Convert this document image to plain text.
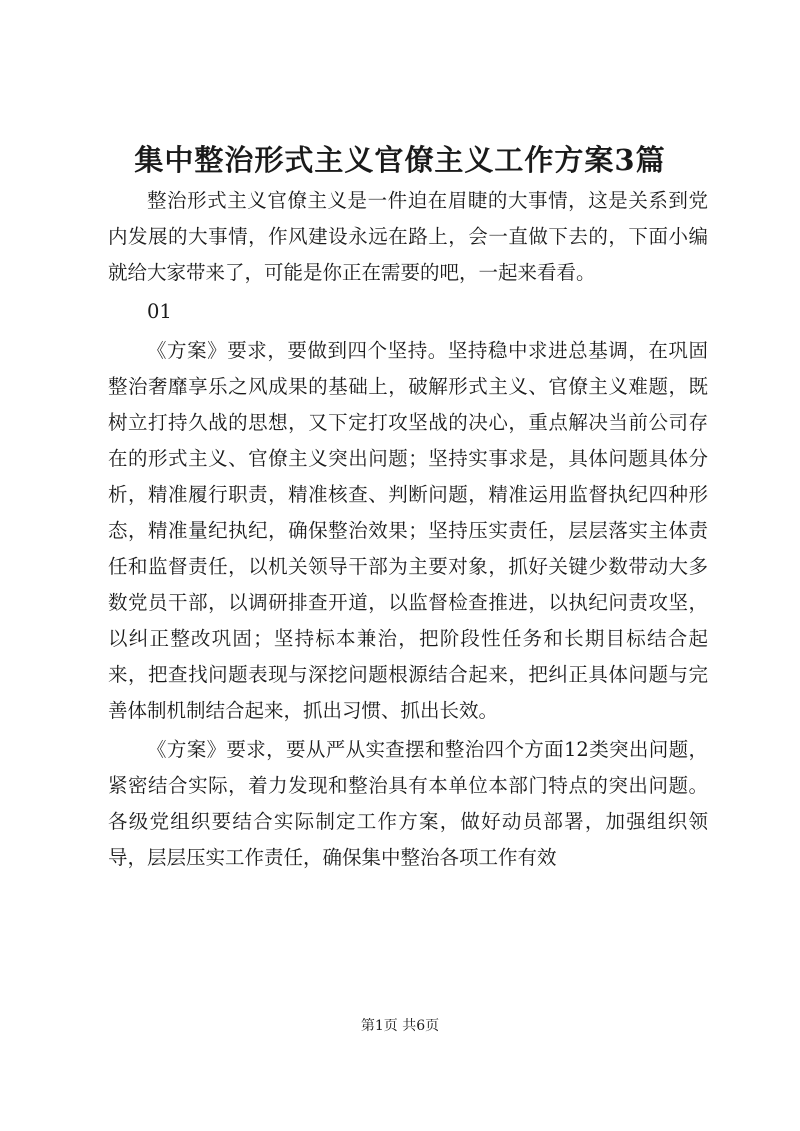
集中整治形式主义官僚主义工作方案3篇

整治形式主义官僚主义是一件迫在眉睫的大事情，这是关系到党内发展的大事情，作风建设永远在路上，会一直做下去的，下面小编就给大家带来了，可能是你正在需要的吧，一起来看看。

01

《方案》要求，要做到四个坚持。坚持稳中求进总基调，在巩固整治奢靡享乐之风成果的基础上，破解形式主义、官僚主义难题，既树立打持久战的思想，又下定打攻坚战的决心，重点解决当前公司存在的形式主义、官僚主义突出问题；坚持实事求是，具体问题具体分析，精准履行职责，精准核查、判断问题，精准运用监督执纪四种形态，精准量纪执纪，确保整治效果；坚持压实责任，层层落实主体责任和监督责任，以机关领导干部为主要对象，抓好关键少数带动大多数党员干部，以调研排查开道，以监督检查推进，以执纪问责攻坚，以纠正整改巩固；坚持标本兼治，把阶段性任务和长期目标结合起来，把查找问题表现与深挖问题根源结合起来，把纠正具体问题与完善体制机制结合起来，抓出习惯、抓出长效。

《方案》要求，要从严从实查摆和整治四个方面12类突出问题，紧密结合实际，着力发现和整治具有本单位本部门特点的突出问题。各级党组织要结合实际制定工作方案，做好动员部署，加强组织领导，层层压实工作责任，确保集中整治各项工作有效

第1页 共6页
